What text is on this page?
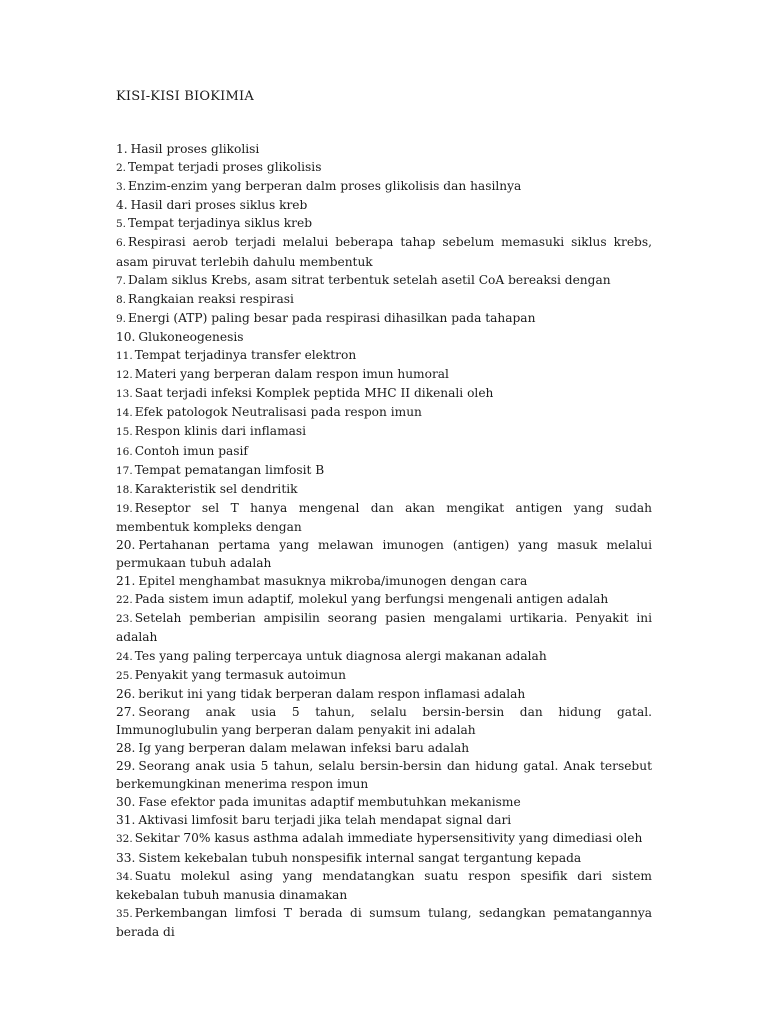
KISI-KISI BIOKIMIA
1. Hasil proses glikolisi
2. Tempat terjadi proses glikolisis
3. Enzim-enzim yang berperan dalm proses glikolisis dan hasilnya
4. Hasil dari proses siklus kreb
5. Tempat terjadinya siklus kreb
6. Respirasi aerob terjadi melalui beberapa tahap sebelum memasuki siklus krebs, asam piruvat terlebih dahulu membentuk
7. Dalam siklus Krebs, asam sitrat terbentuk setelah asetil CoA bereaksi dengan
8. Rangkaian reaksi respirasi
9. Energi (ATP) paling besar pada respirasi dihasilkan pada tahapan
10. Glukoneogenesis
11. Tempat terjadinya transfer elektron
12. Materi yang berperan dalam respon imun humoral
13. Saat terjadi infeksi Komplek peptida MHC II dikenali oleh
14. Efek patologok Neutralisasi pada respon imun
15. Respon klinis dari inflamasi
16. Contoh imun pasif
17. Tempat pematangan limfosit B
18. Karakteristik sel dendritik
19. Reseptor sel T hanya mengenal dan akan mengikat antigen yang sudah membentuk kompleks dengan
20. Pertahanan pertama yang melawan imunogen (antigen) yang masuk melalui permukaan tubuh adalah
21. Epitel menghambat masuknya mikroba/imunogen dengan cara
22. Pada sistem imun adaptif, molekul yang berfungsi mengenali antigen adalah
23. Setelah pemberian ampisilin seorang pasien mengalami urtikaria. Penyakit ini adalah
24. Tes yang paling terpercaya untuk diagnosa alergi makanan adalah
25. Penyakit yang termasuk autoimun
26. berikut ini yang tidak berperan dalam respon inflamasi adalah
27. Seorang anak usia 5 tahun, selalu bersin-bersin dan hidung gatal. Immunoglubulin yang berperan dalam penyakit ini adalah
28. Ig yang berperan dalam melawan infeksi baru adalah
29. Seorang anak usia 5 tahun, selalu bersin-bersin dan hidung gatal. Anak tersebut berkemungkinan menerima respon imun
30. Fase efektor pada imunitas adaptif membutuhkan mekanisme
31. Aktivasi limfosit baru terjadi jika telah mendapat signal dari
32. Sekitar 70% kasus asthma adalah immediate hypersensitivity yang dimediasi oleh
33. Sistem kekebalan tubuh nonspesifik internal sangat tergantung kepada
34. Suatu molekul asing yang mendatangkan suatu respon spesifik dari sistem kekebalan tubuh manusia dinamakan
35. Perkembangan limfosi T berada di sumsum tulang, sedangkan pematangannya berada di
